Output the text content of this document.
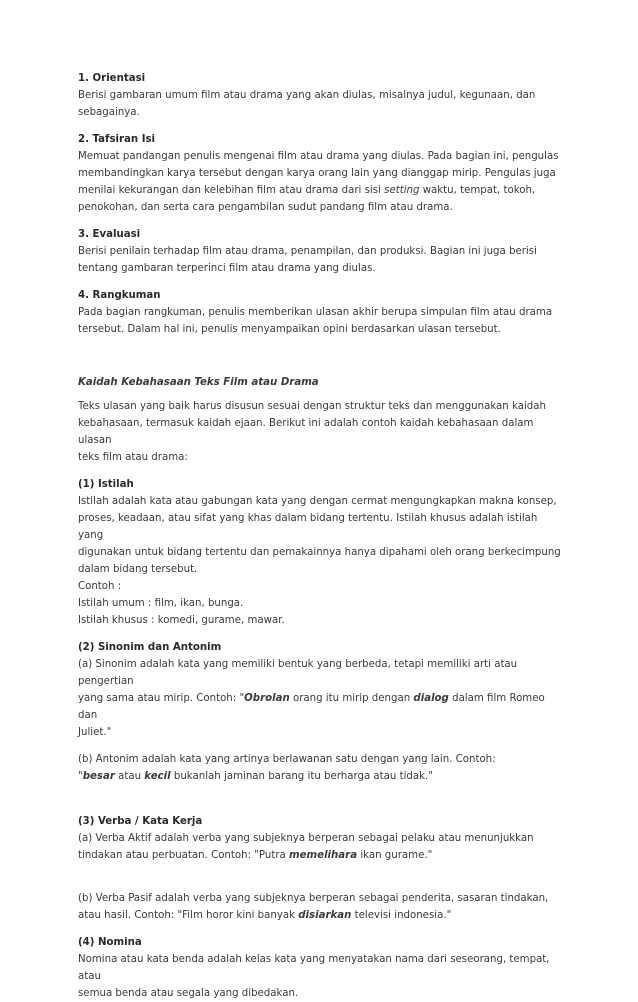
1. Orientasi

Berisi gambaran umum film atau drama yang akan diulas, misalnya judul, kegunaan, dan

sebagainya.

2. Tafsiran Isi

Memuat pandangan penulis mengenai film atau drama yang diulas. Pada bagian ini, pengulas

membandingkan karya tersebut dengan karya orang lain yang dianggap mirip. Pengulas juga

menilai kekurangan dan kelebihan film atau drama dari sisi setting waktu, tempat, tokoh,

penokohan, dan serta cara pengambilan sudut pandang film atau drama.

3. Evaluasi

Berisi penilain terhadap film atau drama, penampilan, dan produksi. Bagian ini juga berisi

tentang gambaran terperinci film atau drama yang diulas.

4. Rangkuman

Pada bagian rangkuman, penulis memberikan ulasan akhir berupa simpulan film atau drama

tersebut. Dalam hal ini, penulis menyampaikan opini berdasarkan ulasan tersebut.

Kaidah Kebahasaan Teks Film atau Drama

Teks ulasan yang baik harus disusun sesuai dengan struktur teks dan menggunakan kaidah

kebahasaan, termasuk kaidah ejaan. Berikut ini adalah contoh kaidah kebahasaan dalam ulasan

teks film atau drama:

(1) Istilah

Istilah adalah kata atau gabungan kata yang dengan cermat mengungkapkan makna konsep,

proses, keadaan, atau sifat yang khas dalam bidang tertentu. Istilah khusus adalah istilah yang

digunakan untuk bidang tertentu dan pemakainnya hanya dipahami oleh orang berkecimpung

dalam bidang tersebut.

Contoh :

Istilah umum : film, ikan, bunga.

Istilah khusus : komedi, gurame, mawar.

(2) Sinonim dan Antonim

(a) Sinonim adalah kata yang memiliki bentuk yang berbeda, tetapi memiliki arti atau pengertian

yang sama atau mirip. Contoh: "Obrolan orang itu mirip dengan dialog dalam film Romeo dan

Juliet."

(b) Antonim adalah kata yang artinya berlawanan satu dengan yang lain. Contoh:

"besar atau kecil bukanlah jaminan barang itu berharga atau tidak."

(3) Verba / Kata Kerja

(a) Verba Aktif adalah verba yang subjeknya berperan sebagai pelaku atau menunjukkan

tindakan atau perbuatan. Contoh: "Putra memelihara ikan gurame."

(b) Verba Pasif adalah verba yang subjeknya berperan sebagai penderita, sasaran tindakan,

atau hasil. Contoh: "Film horor kini banyak disiarkan televisi indonesia."

(4) Nomina

Nomina atau kata benda adalah kelas kata yang menyatakan nama dari seseorang, tempat, atau

semua benda atau segala yang dibedakan.
